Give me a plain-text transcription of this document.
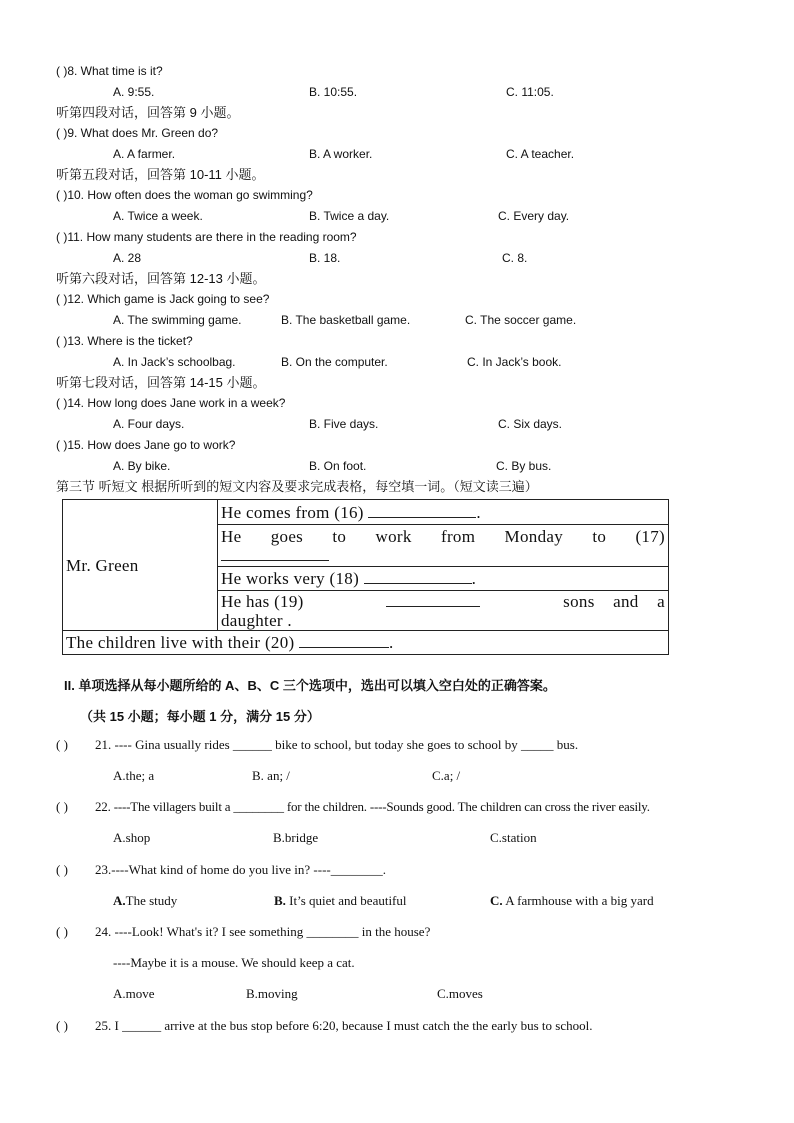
( )8. What time is it?
A. 9:55.	B. 10:55.	C. 11:05.
听第四段对话，回答第 9 小题。
( )9. What does Mr. Green do?
A. A farmer.	B. A worker.	C. A teacher.
听第五段对话，回答第 10-11 小题。
( )10. How often does the woman go swimming?
A. Twice a week.	B. Twice a day.	C. Every day.
( )11. How many students are there in the reading room?
A. 28	B. 18.	C. 8.
听第六段对话，回答第 12-13 小题。
( )12. Which game is Jack going to see?
A. The swimming game.	B. The basketball game.	C. The soccer game.
( )13. Where is the ticket?
A. In Jack’s schoolbag.	B. On the computer.	C. In Jack’s book.
听第七段对话，回答第 14-15 小题。
( )14. How long does Jane work in a week?
A. Four days.	B. Five days.	C. Six days.
( )15. How does Jane go to work?
A. By bike.	B. On foot.	C. By bus.
第三节 听短文 根据所听到的短文内容及要求完成表格，每空填一词。（短文读三遍）
Mr. Green	He comes from (16)	.

He goes to work from Monday to (17)

He works very (18)	.

He has (19)	sons and a
daughter .
The children live with their (20)	.
II. 单项选择从每小题所给的 A、B、C 三个选项中，选出可以填入空白处的正确答案。
（共 15 小题；每小题 1 分，满分 15 分）
( ) 21. ---- Gina usually rides ______ bike to school, but today she goes to school by _____ bus.
A.the; a	B. an; /	C.a; /
( ) 22. ----The villagers built a ________ for the children. ----Sounds good. The children can cross the river easily.
A.shop	B.bridge	C.station
( ) 23.----What kind of home do you live in? ----________.
A.The study	B. It’s quiet and beautiful	C. A farmhouse with a big yard
( ) 24. ----Look! What's it? I see something ________ in the house?
----Maybe it is a mouse. We should keep a cat.
A.move	B.moving	C.moves
( ) 25. I ______ arrive at the bus stop before 6:20, because I must catch the the early bus to school.
